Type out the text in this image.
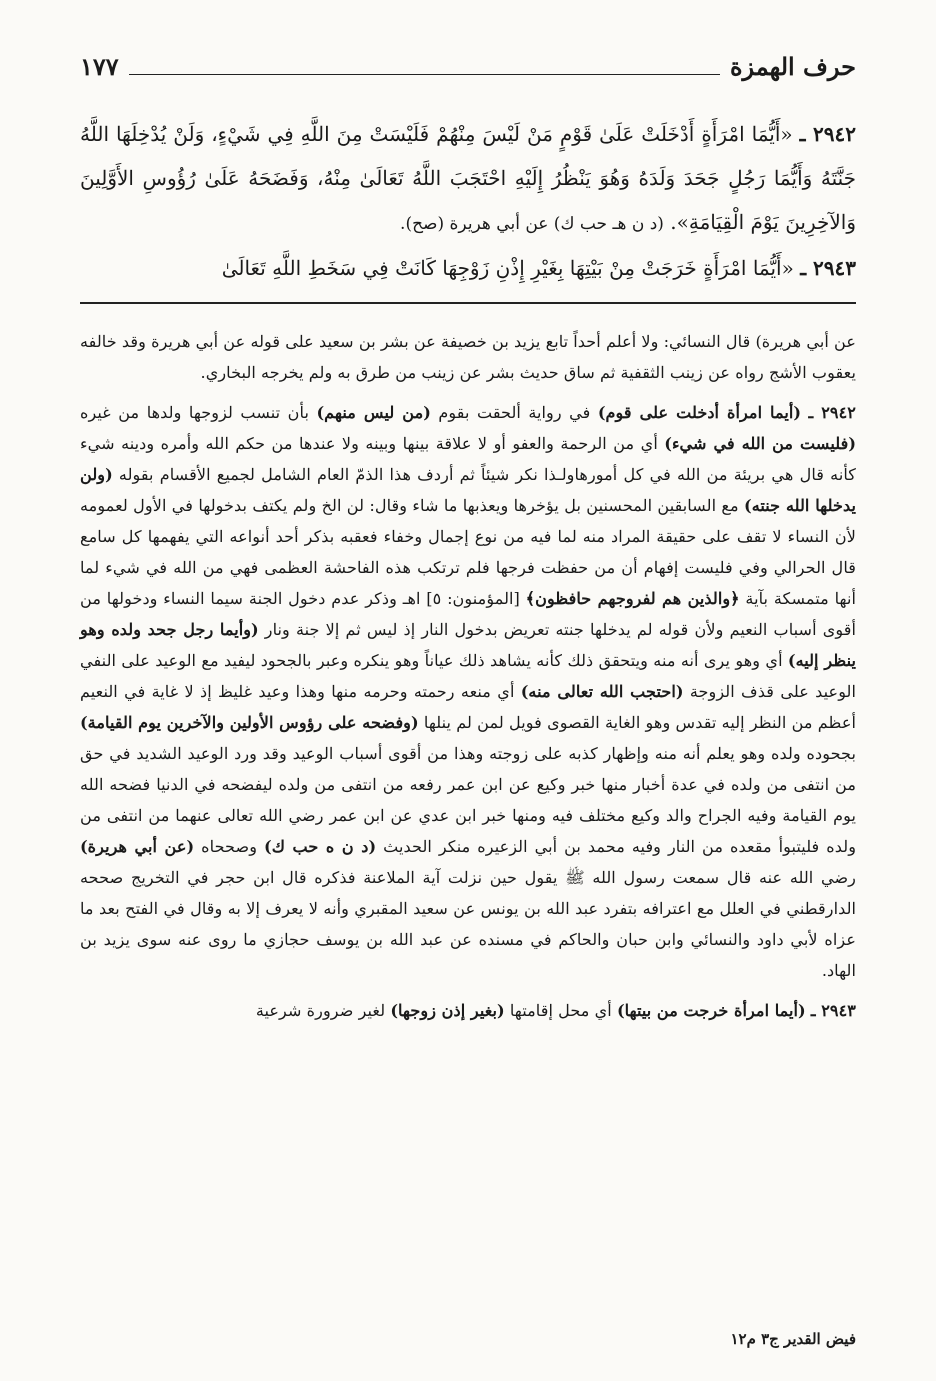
حرف الهمزة
١٧٧

٢٩٤٢ ـ «أَيُّمَا امْرَأَةٍ أَدْخَلَتْ عَلَىٰ قَوْمٍ مَنْ لَيْسَ مِنْهُمْ فَلَيْسَتْ مِنَ اللَّهِ فِي شَيْءٍ، وَلَنْ يُدْخِلَهَا اللَّهُ جَنَّتَهُ وَأَيُّمَا رَجُلٍ جَحَدَ وَلَدَهُ وَهُوَ يَنْظُرُ إِلَيْهِ احْتَجَبَ اللَّهُ تَعَالَىٰ مِنْهُ، وَفَضَحَهُ عَلَىٰ رُؤُوسِ الأَوَّلِينَ وَالآخِرِينَ يَوْمَ الْقِيَامَةِ». (د ن هـ حب ك) عن أبي هريرة (صح).

٢٩٤٣ ـ «أَيُّمَا امْرَأَةٍ خَرَجَتْ مِنْ بَيْتِهَا بِغَيْرِ إِذْنِ زَوْجِهَا كَانَتْ فِي سَخَطِ اللَّهِ تَعَالَىٰ

عن أبي هريرة) قال النسائي: ولا أعلم أحداً تابع يزيد بن خصيفة عن بشر بن سعيد على قوله عن أبي هريرة وقد خالفه يعقوب الأشج رواه عن زينب الثقفية ثم ساق حديث بشر عن زينب من طرق به ولم يخرجه البخاري.

٢٩٤٢ ـ (أيما امرأة أدخلت على قوم) في رواية ألحقت بقوم (من ليس منهم) بأن تنسب لزوجها ولدها من غيره (فليست من الله في شيء) أي من الرحمة والعفو أو لا علاقة بينها وبينه ولا عندها من حكم الله وأمره ودينه شيء كأنه قال هي بريئة من الله في كل أمورهاولـذا نكر شيئاً ثم أردف هذا الذمّ العام الشامل لجميع الأقسام بقوله (ولن يدخلها الله جنته) مع السابقين المحسنين بل يؤخرها ويعذبها ما شاء وقال: لن الخ ولم يكتف بدخولها في الأول لعمومه لأن النساء لا تقف على حقيقة المراد منه لما فيه من نوع إجمال وخفاء فعقبه بذكر أحد أنواعه التي يفهمها كل سامع قال الحرالي وفي فليست إفهام أن من حفظت فرجها فلم ترتكب هذه الفاحشة العظمى فهي من الله في شيء لما أنها متمسكة بآية ﴿والذين هم لفروجهم حافظون﴾ [المؤمنون: ٥] اهـ وذكر عدم دخول الجنة سيما النساء ودخولها من أقوى أسباب النعيم ولأن قوله لم يدخلها جنته تعريض بدخول النار إذ ليس ثم إلا جنة ونار (وأيما رجل جحد ولده وهو ينظر إليه) أي وهو يرى أنه منه ويتحقق ذلك كأنه يشاهد ذلك عياناً وهو ينكره وعبر بالجحود ليفيد مع الوعيد على النفي الوعيد على قذف الزوجة (احتجب الله تعالى منه) أي منعه رحمته وحرمه منها وهذا وعيد غليظ إذ لا غاية في النعيم أعظم من النظر إليه تقدس وهو الغاية القصوى فويل لمن لم ينلها (وفضحه على رؤوس الأولين والآخرين يوم القيامة) بجحوده ولده وهو يعلم أنه منه وإظهار كذبه على زوجته وهذا من أقوى أسباب الوعيد وقد ورد الوعيد الشديد في حق من انتفى من ولده في عدة أخبار منها خبر وكيع عن ابن عمر رفعه من انتفى من ولده ليفضحه في الدنيا فضحه الله يوم القيامة وفيه الجراح والد وكيع مختلف فيه ومنها خبر ابن عدي عن ابن عمر رضي الله تعالى عنهما من انتفى من ولده فليتبوأ مقعده من النار وفيه محمد بن أبي الزعيره منكر الحديث (د ن ه حب ك) وصححاه (عن أبي هريرة) رضي الله عنه قال سمعت رسول الله ﷺ يقول حين نزلت آية الملاعنة فذكره قال ابن حجر في التخريج صححه الدارقطني في العلل مع اعترافه بتفرد عبد الله بن يونس عن سعيد المقبري وأنه لا يعرف إلا به وقال في الفتح بعد ما عزاه لأبي داود والنسائي وابن حبان والحاكم في مسنده عن عبد الله بن يوسف حجازي ما روى عنه سوى يزيد بن الهاد.

٢٩٤٣ ـ (أيما امرأة خرجت من بيتها) أي محل إقامتها (بغير إذن زوجها) لغير ضرورة شرعية

فيض القدير ج٣ م١٢
